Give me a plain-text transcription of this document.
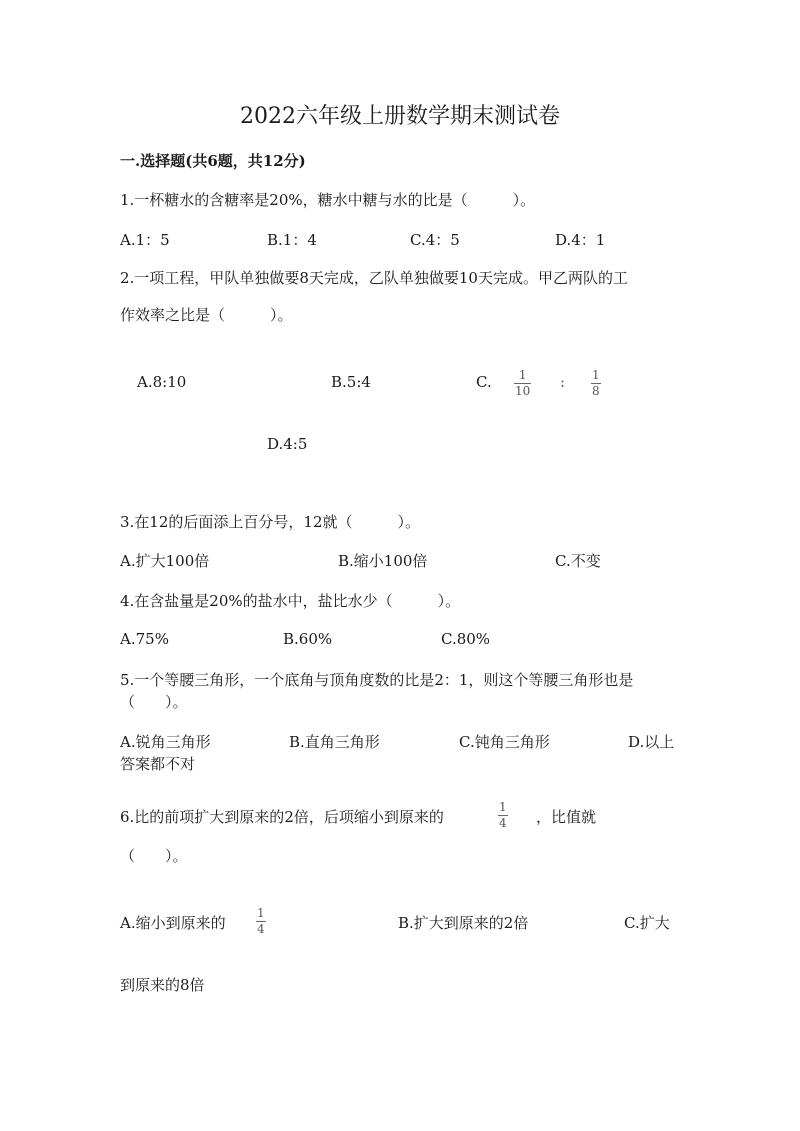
2022六年级上册数学期末测试卷
一.选择题(共6题，共12分)
1.一杯糖水的含糖率是20%，糖水中糖与水的比是（　　　）。
A.1：5	B.1：4	C.4：5	D.4：1
2.一项工程，甲队单独做要8天完成，乙队单独做要10天完成。甲乙两队的工
作效率之比是（　　　）。
A.8:10	B.5:4	C.	1
10 : 1
8
D.4:5
3.在12的后面添上百分号，12就（　　　）。
A.扩大100倍	B.缩小100倍	C.不变
4.在含盐量是20%的盐水中，盐比水少（　　　）。
A.75%	B.60%	C.80%
5.一个等腰三角形，一个底角与顶角度数的比是2：1，则这个等腰三角形也是
（　　）。
A.锐角三角形	B.直角三角形	C.钝角三角形	D.以上
答案都不对
6.比的前项扩大到原来的2倍，后项缩小到原来的
1
4 ，比值就
（　　）。
A.缩小到原来的
1
4	B.扩大到原来的2倍	C.扩大
到原来的8倍
